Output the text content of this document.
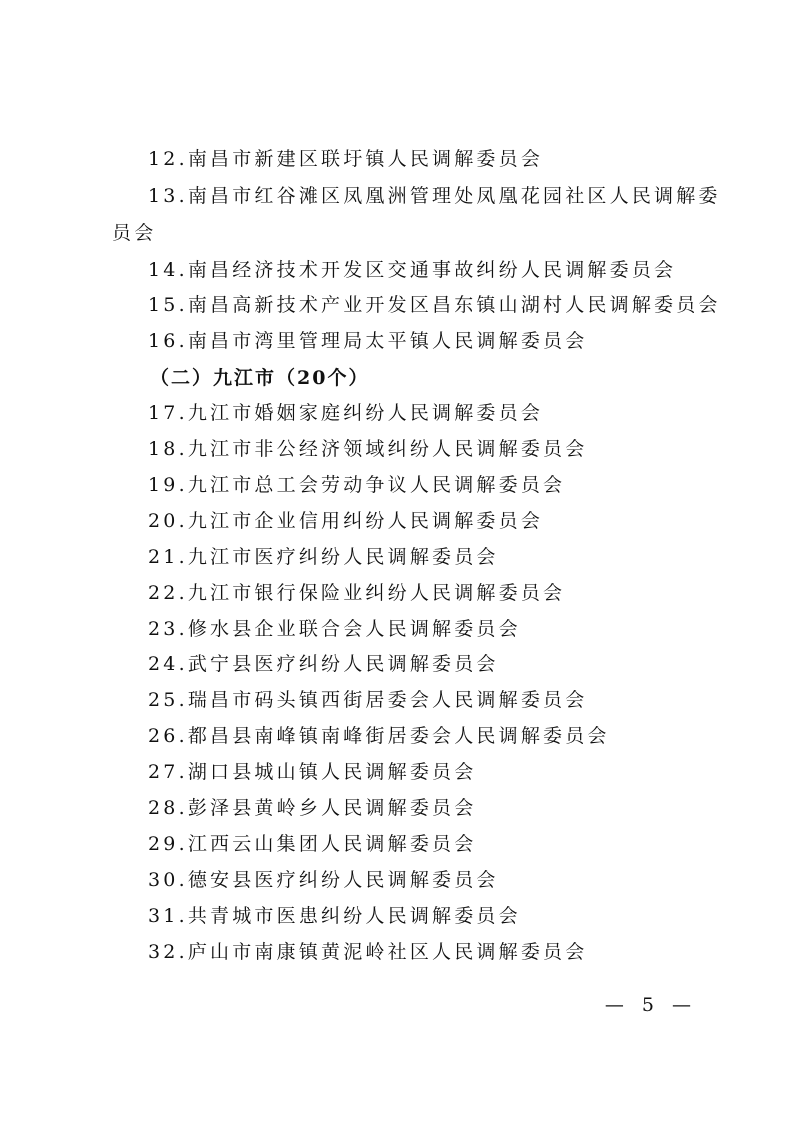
12.南昌市新建区联圩镇人民调解委员会
13.南昌市红谷滩区凤凰洲管理处凤凰花园社区人民调解委
员会
14.南昌经济技术开发区交通事故纠纷人民调解委员会
15.南昌高新技术产业开发区昌东镇山湖村人民调解委员会
16.南昌市湾里管理局太平镇人民调解委员会
（二）九江市（20个）
17.九江市婚姻家庭纠纷人民调解委员会
18.九江市非公经济领域纠纷人民调解委员会
19.九江市总工会劳动争议人民调解委员会
20.九江市企业信用纠纷人民调解委员会
21.九江市医疗纠纷人民调解委员会
22.九江市银行保险业纠纷人民调解委员会
23.修水县企业联合会人民调解委员会
24.武宁县医疗纠纷人民调解委员会
25.瑞昌市码头镇西街居委会人民调解委员会
26.都昌县南峰镇南峰街居委会人民调解委员会
27.湖口县城山镇人民调解委员会
28.彭泽县黄岭乡人民调解委员会
29.江西云山集团人民调解委员会
30.德安县医疗纠纷人民调解委员会
31.共青城市医患纠纷人民调解委员会
32.庐山市南康镇黄泥岭社区人民调解委员会
— 5 —
